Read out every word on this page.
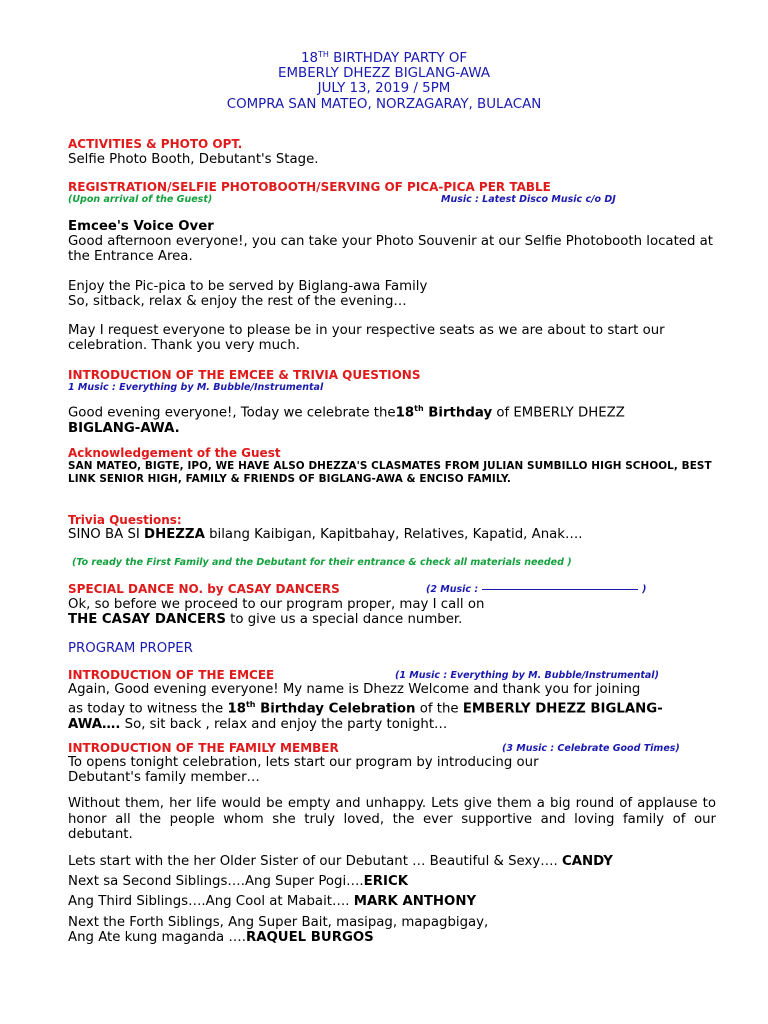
18TH BIRTHDAY PARTY OF
EMBERLY DHEZZ BIGLANG-AWA
JULY 13, 2019 / 5PM
COMPRA SAN MATEO, NORZAGARAY, BULACAN
ACTIVITIES & PHOTO OPT.
Selfie Photo Booth, Debutant's Stage.
REGISTRATION/SELFIE PHOTOBOOTH/SERVING OF PICA-PICA PER TABLE
(Upon arrival of the Guest)	Music : Latest Disco Music c/o DJ
Emcee's Voice Over
Good afternoon everyone!, you can take your Photo Souvenir at our Selfie Photobooth located at the Entrance Area.
Enjoy the Pic-pica to be served by Biglang-awa Family
So, sitback, relax & enjoy the rest of the evening…
May I request everyone to please be in your respective seats as we are about to start our celebration. Thank you very much.
INTRODUCTION OF THE EMCEE & TRIVIA QUESTIONS
1 Music : Everything by M. Bubble/Instrumental
Good evening everyone!, Today we celebrate the18th Birthday of EMBERLY DHEZZ
BIGLANG-AWA.
Acknowledgement of the Guest
SAN MATEO, BIGTE, IPO, WE HAVE ALSO DHEZZA'S CLASMATES FROM JULIAN SUMBILLO HIGH SCHOOL, BEST LINK SENIOR HIGH, FAMILY & FRIENDS OF BIGLANG-AWA & ENCISO FAMILY.
Trivia Questions:
SINO BA SI DHEZZA bilang Kaibigan, Kapitbahay, Relatives, Kapatid, Anak….
(To ready the First Family and the Debutant for their entrance & check all materials needed )
SPECIAL DANCE NO. by CASAY DANCERS	(2 Music :	)
Ok, so before we proceed to our program proper, may I call on
THE CASAY DANCERS to give us a special dance number.
PROGRAM PROPER
INTRODUCTION OF THE EMCEE	(1 Music : Everything by M. Bubble/Instrumental)
Again, Good evening everyone! My name is Dhezz Welcome and thank you for joining
as today to witness the 18th Birthday Celebration of the EMBERLY DHEZZ BIGLANG-
AWA…. So, sit back , relax and enjoy the party tonight…
INTRODUCTION OF THE FAMILY MEMBER	(3 Music : Celebrate Good Times)
To opens tonight celebration, lets start our program by introducing our
Debutant's family member…
Without them, her life would be empty and unhappy. Lets give them a big round of applause to honor all the people whom she truly loved, the ever supportive and loving family of our debutant.
Lets start with the her Older Sister of our Debutant … Beautiful & Sexy…. CANDY
Next sa Second Siblings….Ang Super Pogi….ERICK
Ang Third Siblings….Ang Cool at Mabait…. MARK ANTHONY
Next the Forth Siblings, Ang Super Bait, masipag, mapagbigay,
Ang Ate kung maganda ….RAQUEL BURGOS
